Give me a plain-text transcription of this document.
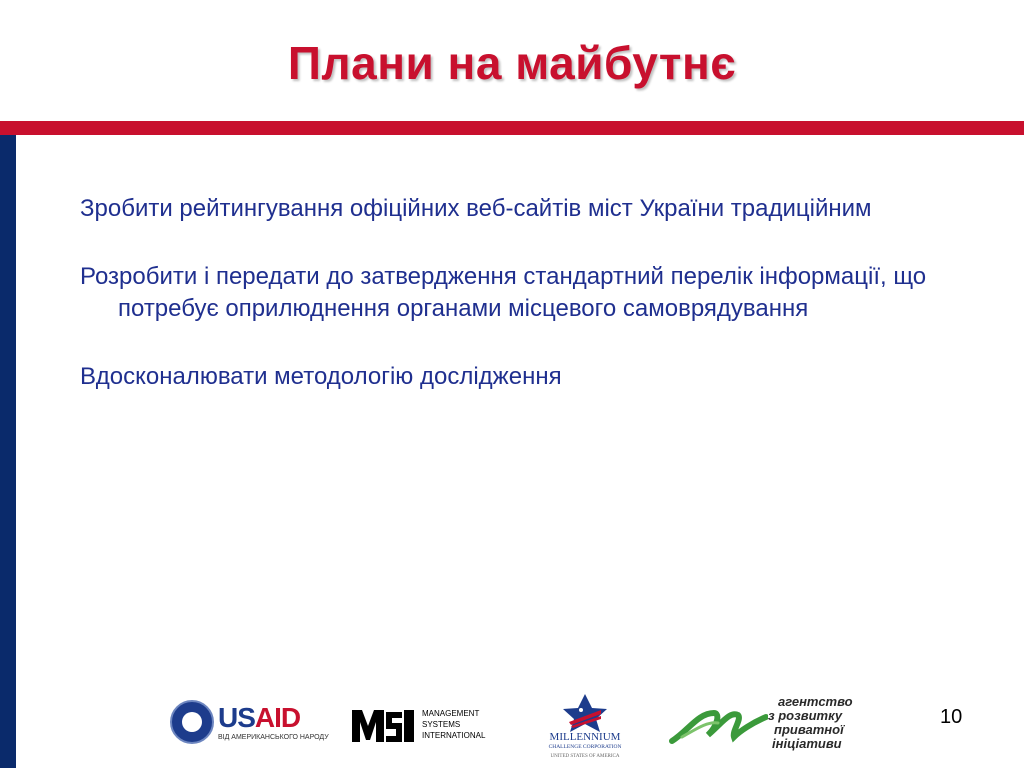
Плани на майбутнє
Зробити рейтингування офіційних веб-сайтів міст України традиційним
Розробити і передати до затвердження стандартний перелік інформації, що потребує оприлюднення органами місцевого самоврядування
Вдосконалювати методологію дослідження
USAID
ВІД АМЕРИКАНСЬКОГО НАРОДУ
MANAGEMENT
SYSTEMS
INTERNATIONAL	MILLENNIUM
CHALLENGE CORPORATION
UNITED STATES OF AMERICA
агентство
з розвитку
приватної
ініціативи
10
